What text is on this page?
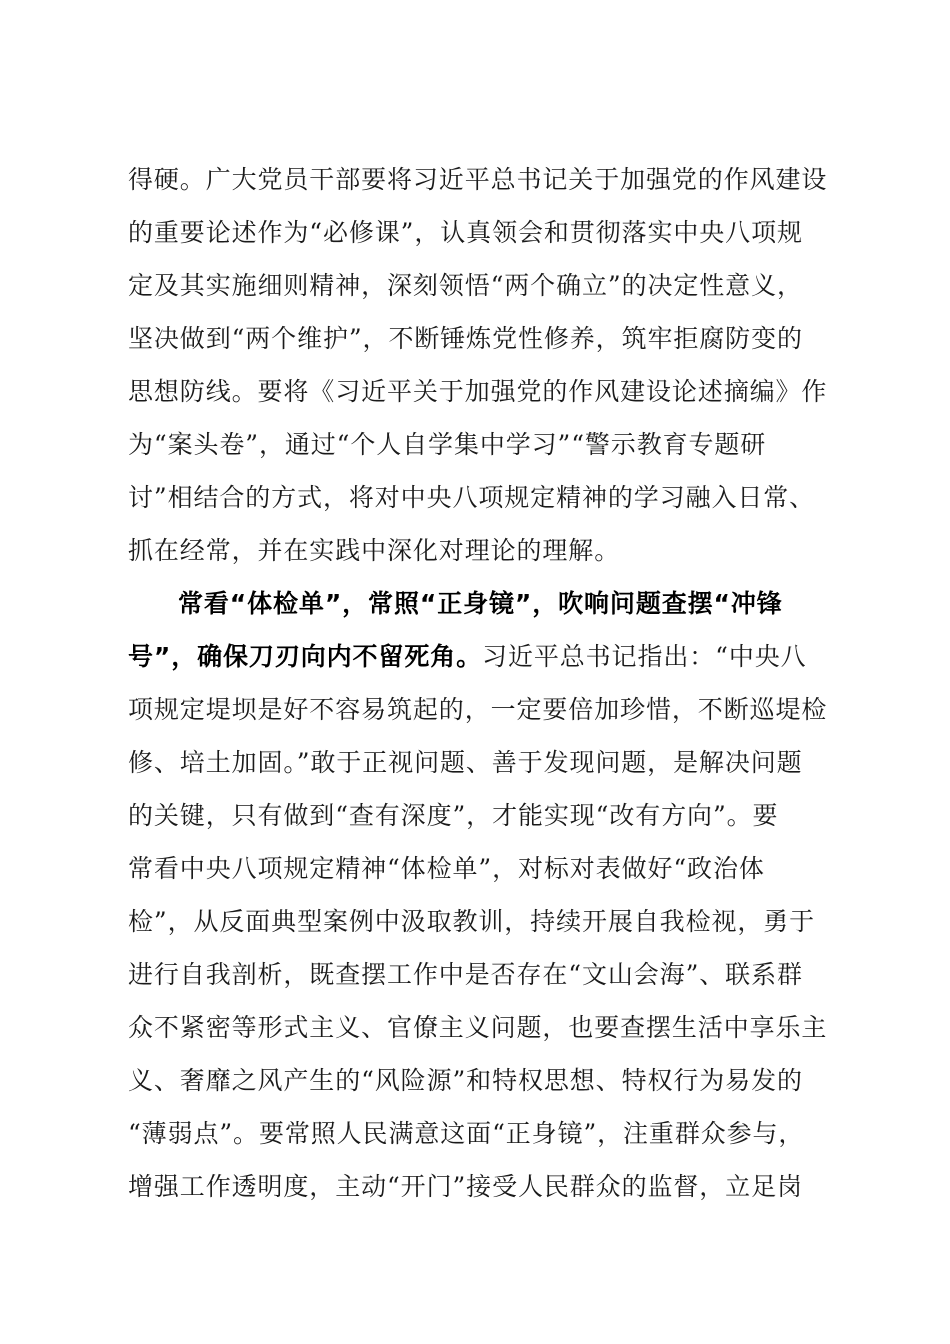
得硬。广大党员干部要将习近平总书记关于加强党的作风建设
的重要论述作为“必修课”，认真领会和贯彻落实中央八项规
定及其实施细则精神，深刻领悟“两个确立”的决定性意义，
坚决做到“两个维护”，不断锤炼党性修养，筑牢拒腐防变的
思想防线。要将《习近平关于加强党的作风建设论述摘编》作
为“案头卷”，通过“个人自学集中学习”“警示教育专题研
讨”相结合的方式，将对中央八项规定精神的学习融入日常、
抓在经常，并在实践中深化对理论的理解。
常看“体检单”，常照“正身镜”，吹响问题查摆“冲锋
号”，确保刀刃向内不留死角。习近平总书记指出：“中央八
项规定堤坝是好不容易筑起的，一定要倍加珍惜，不断巡堤检
修、培土加固。”敢于正视问题、善于发现问题，是解决问题
的关键，只有做到“查有深度”，才能实现“改有方向”。要
常看中央八项规定精神“体检单”，对标对表做好“政治体
检”，从反面典型案例中汲取教训，持续开展自我检视，勇于
进行自我剖析，既查摆工作中是否存在“文山会海”、联系群
众不紧密等形式主义、官僚主义问题，也要查摆生活中享乐主
义、奢靡之风产生的“风险源”和特权思想、特权行为易发的
“薄弱点”。要常照人民满意这面“正身镜”，注重群众参与，
增强工作透明度，主动“开门”接受人民群众的监督，立足岗
